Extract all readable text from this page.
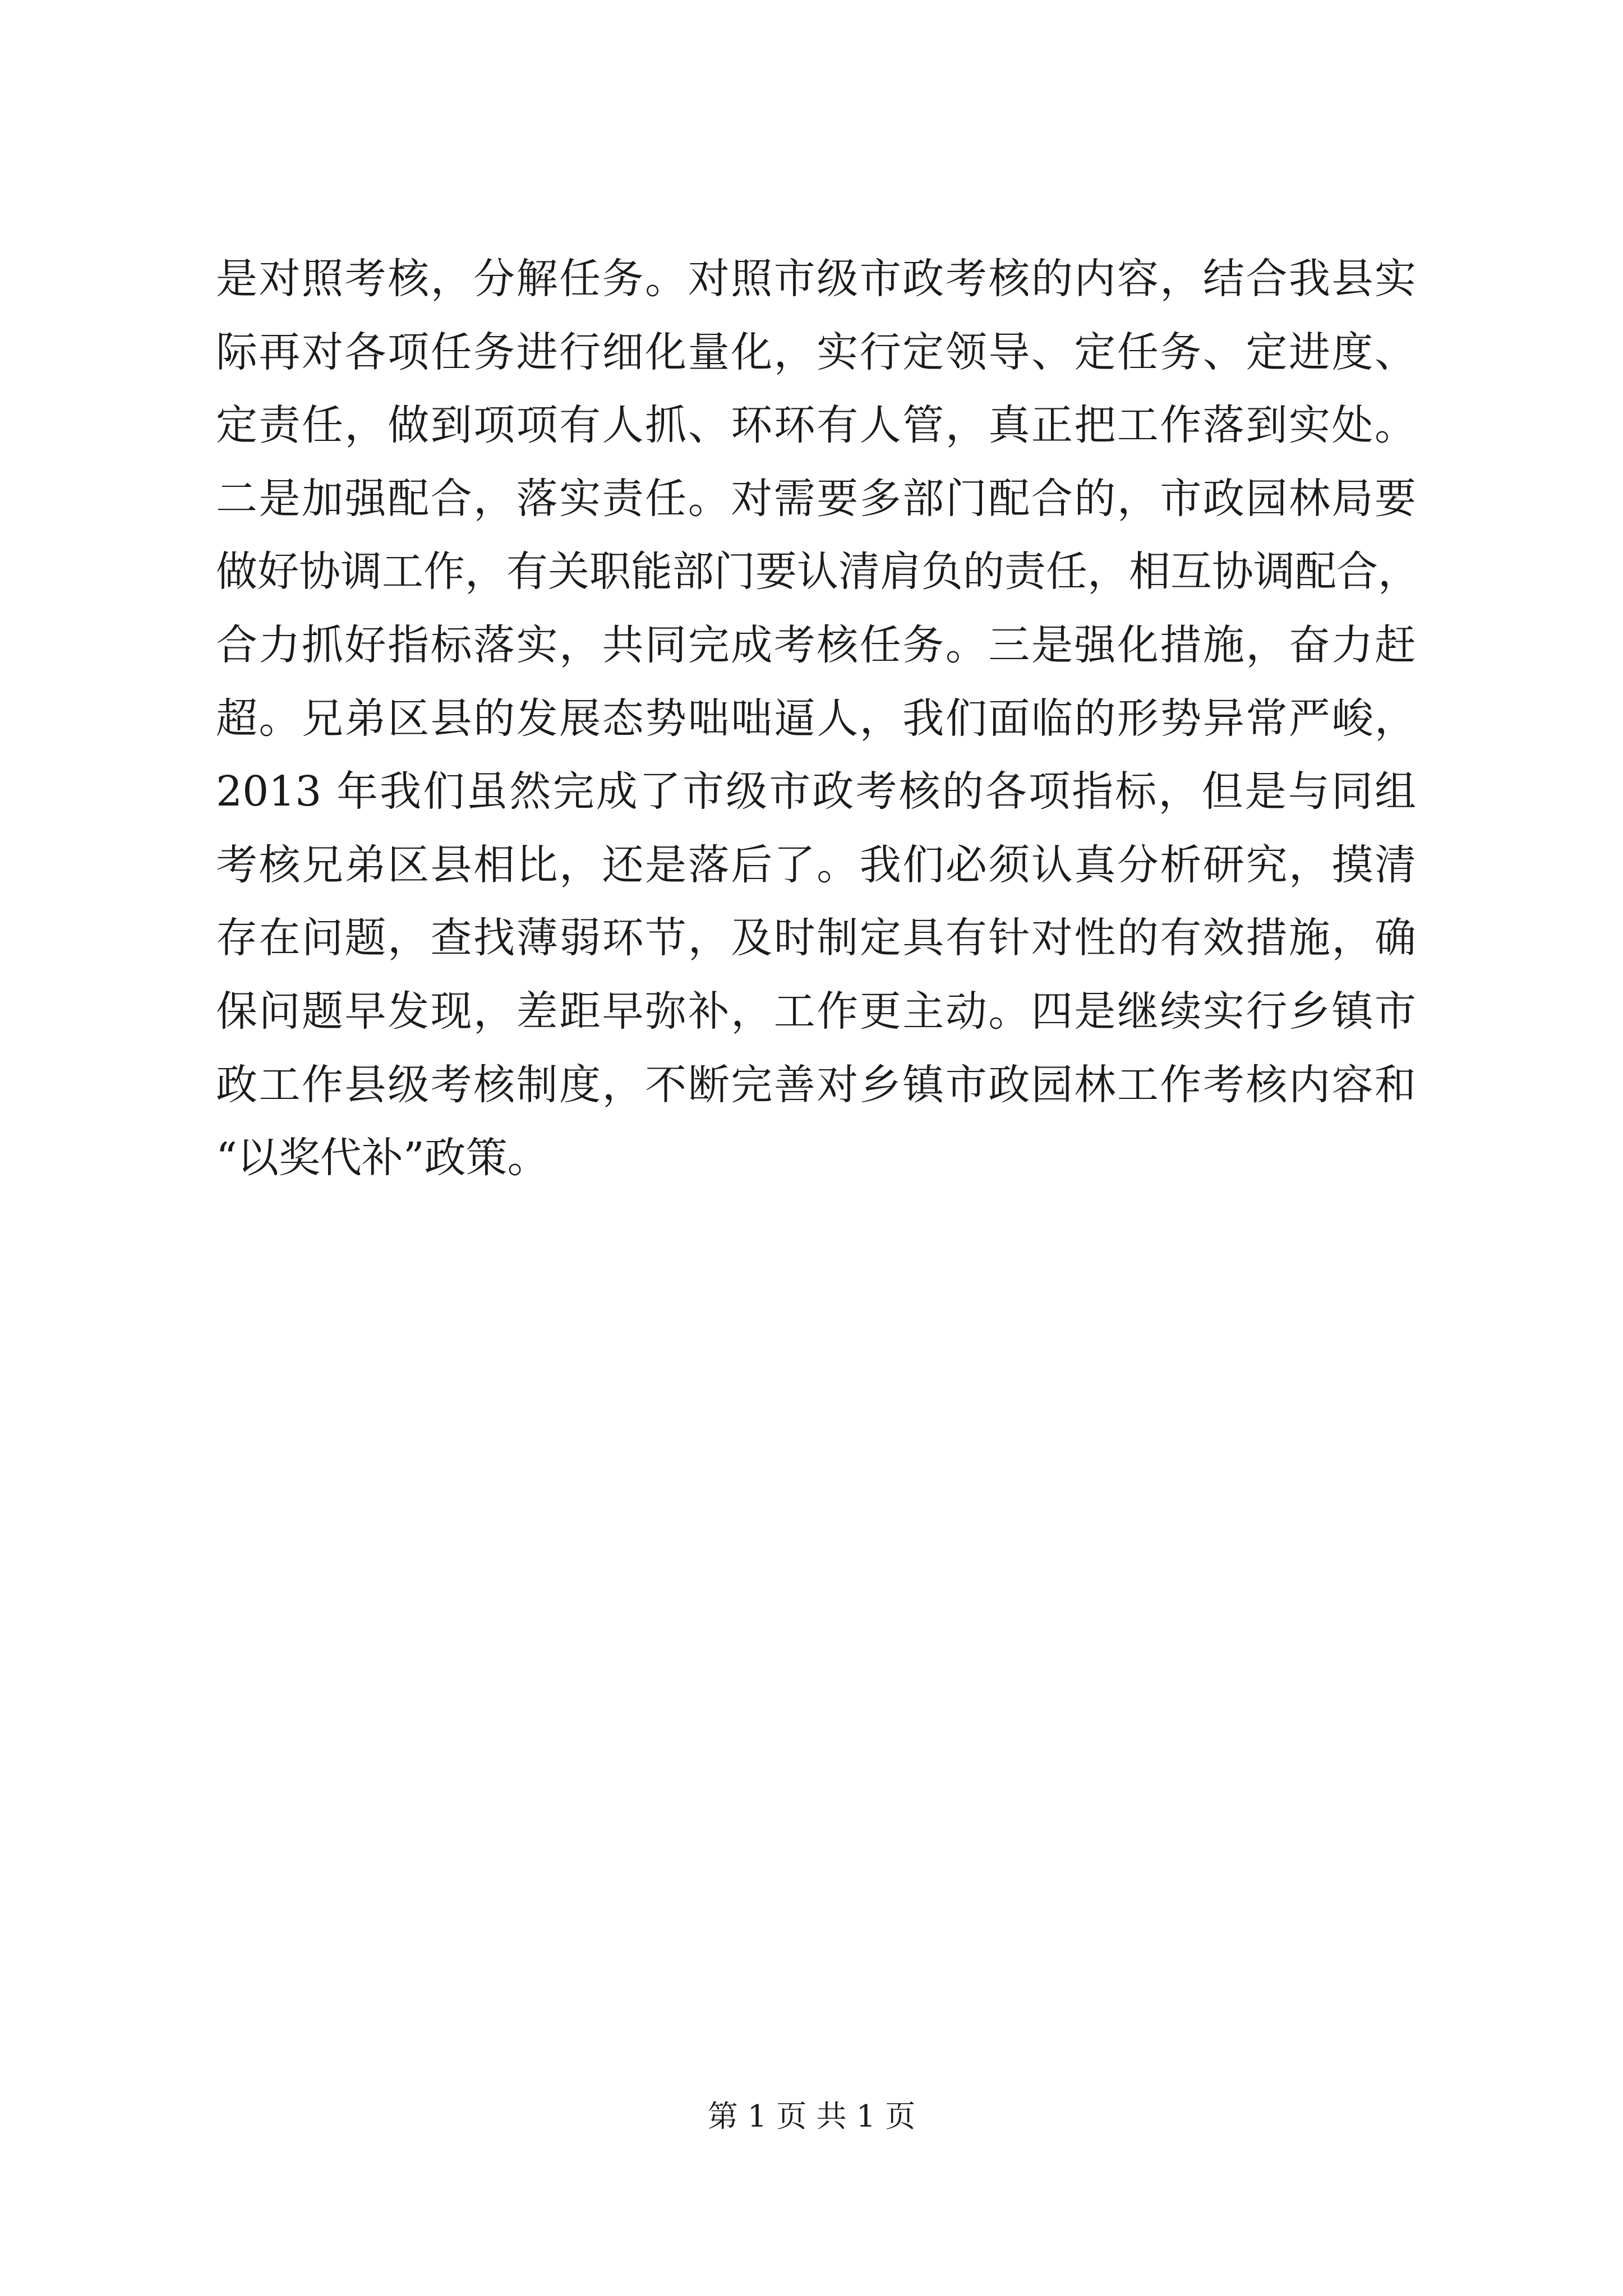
是对照考核，分解任务。对照市级市政考核的内容，结合我县实
际再对各项任务进行细化量化，实行定领导、定任务、定进度、
定责任，做到项项有人抓、环环有人管，真正把工作落到实处。
二是加强配合，落实责任。对需要多部门配合的，市政园林局要
做好协调工作，有关职能部门要认清肩负的责任，相互协调配合，
合力抓好指标落实，共同完成考核任务。三是强化措施，奋力赶
超。兄弟区县的发展态势咄咄逼人，我们面临的形势异常严峻，
2013 年我们虽然完成了市级市政考核的各项指标，但是与同组
考核兄弟区县相比，还是落后了。我们必须认真分析研究，摸清
存在问题，查找薄弱环节，及时制定具有针对性的有效措施，确
保问题早发现，差距早弥补，工作更主动。四是继续实行乡镇市
政工作县级考核制度，不断完善对乡镇市政园林工作考核内容和
“以奖代补”政策。
第 1 页 共 1 页
